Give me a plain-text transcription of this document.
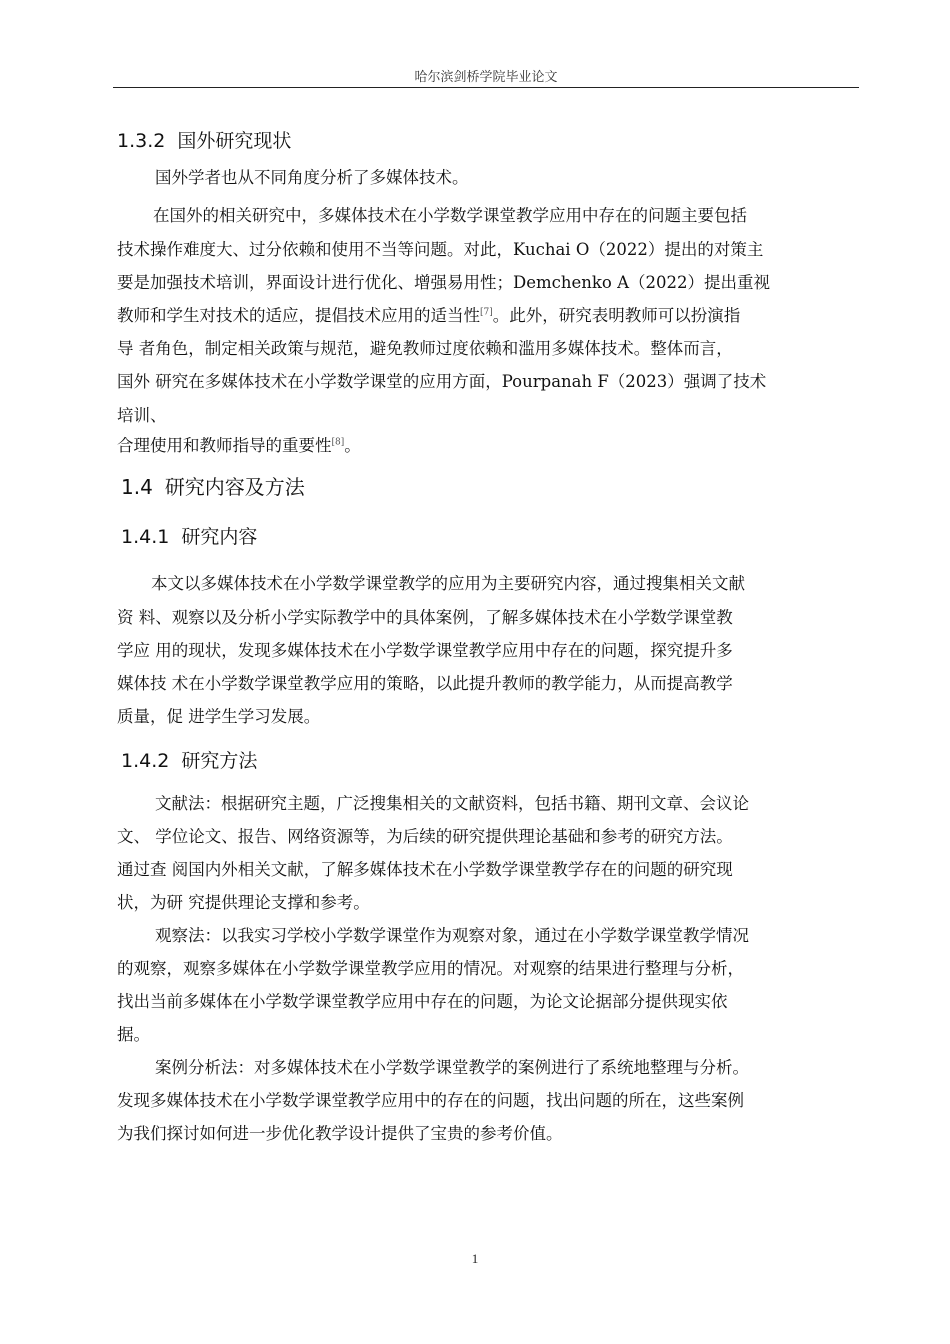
哈尔滨剑桥学院毕业论文
1.3.2 国外研究现状
国外学者也从不同角度分析了多媒体技术。
在国外的相关研究中，多媒体技术在小学数学课堂教学应用中存在的问题主要包括
技术操作难度大、过分依赖和使用不当等问题。对此，Kuchai O（2022）提出的对策主
要是加强技术培训，界面设计进行优化、增强易用性；Demchenko A（2022）提出重视
教师和学生对技术的适应，提倡技术应用的适当性[7]。此外，研究表明教师可以扮演指
导 者角色，制定相关政策与规范，避免教师过度依赖和滥用多媒体技术。整体而言，
国外 研究在多媒体技术在小学数学课堂的应用方面，Pourpanah F（2023）强调了技术
培训、
合理使用和教师指导的重要性[8]。
1.4 研究内容及方法
1.4.1 研究内容
本文以多媒体技术在小学数学课堂教学的应用为主要研究内容，通过搜集相关文献
资 料、观察以及分析小学实际教学中的具体案例，了解多媒体技术在小学数学课堂教
学应 用的现状，发现多媒体技术在小学数学课堂教学应用中存在的问题，探究提升多
媒体技 术在小学数学课堂教学应用的策略，以此提升教师的教学能力，从而提高教学
质量，促 进学生学习发展。
1.4.2 研究方法
文献法：根据研究主题，广泛搜集相关的文献资料，包括书籍、期刊文章、会议论
文、 学位论文、报告、网络资源等，为后续的研究提供理论基础和参考的研究方法。
通过查 阅国内外相关文献，了解多媒体技术在小学数学课堂教学存在的问题的研究现
状，为研 究提供理论支撑和参考。
观察法：以我实习学校小学数学课堂作为观察对象，通过在小学数学课堂教学情况
的观察，观察多媒体在小学数学课堂教学应用的情况。对观察的结果进行整理与分析，
找出当前多媒体在小学数学课堂教学应用中存在的问题，为论文论据部分提供现实依
据。
案例分析法：对多媒体技术在小学数学课堂教学的案例进行了系统地整理与分析。
发现多媒体技术在小学数学课堂教学应用中的存在的问题，找出问题的所在，这些案例
为我们探讨如何进一步优化教学设计提供了宝贵的参考价值。
1
